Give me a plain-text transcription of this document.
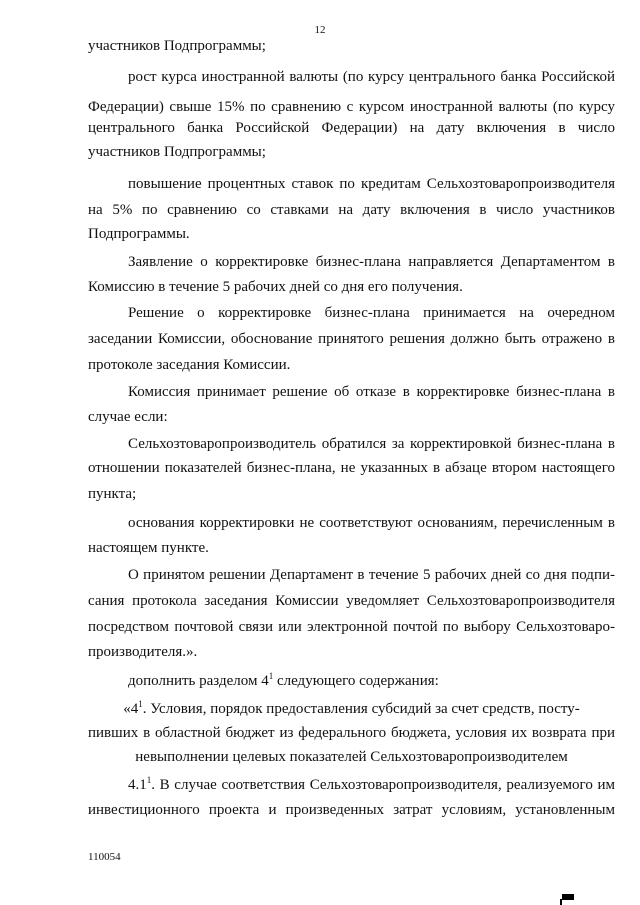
12
участников Подпрограммы;
рост курса иностранной валюты (по курсу центрального банка Российской
Федерации) свыше 15% по сравнению с курсом иностранной валюты (по курсу
центрального банка Российской Федерации) на дату включения в число
участников Подпрограммы;
повышение процентных ставок по кредитам Сельхозтоваропроизводителя
на 5% по сравнению со ставками на дату включения в число участников
Подпрограммы.
Заявление о корректировке бизнес-плана направляется Департаментом в
Комиссию в течение 5 рабочих дней со дня его получения.
Решение о корректировке бизнес-плана принимается на очередном
заседании Комиссии, обоснование принятого решения должно быть отражено в
протоколе заседания Комиссии.
Комиссия принимает решение об отказе в корректировке бизнес-плана в
случае если:
Сельхозтоваропроизводитель обратился за корректировкой бизнес-плана в
отношении показателей бизнес-плана, не указанных в абзаце втором настоящего
пункта;
основания корректировки не соответствуют основаниям, перечисленным в
настоящем пункте.
О принятом решении Департамент в течение 5 рабочих дней со дня подпи-
сания протокола заседания Комиссии уведомляет Сельхозтоваропроизводителя
посредством почтовой связи или электронной почтой по выбору Сельхозтоваро-
производителя.».
дополнить разделом $4^1$ следующего содержания:
«$4^1$. Условия, порядок предоставления субсидий за счет средств, посту-
пивших в областной бюджет из федерального бюджета, условия их возврата при
невыполнении целевых показателей Сельхозтоваропроизводителем
$4.1^1$. В случае соответствия Сельхозтоваропроизводителя, реализуемого им
инвестиционного проекта и произведенных затрат условиям, установленным
110054
